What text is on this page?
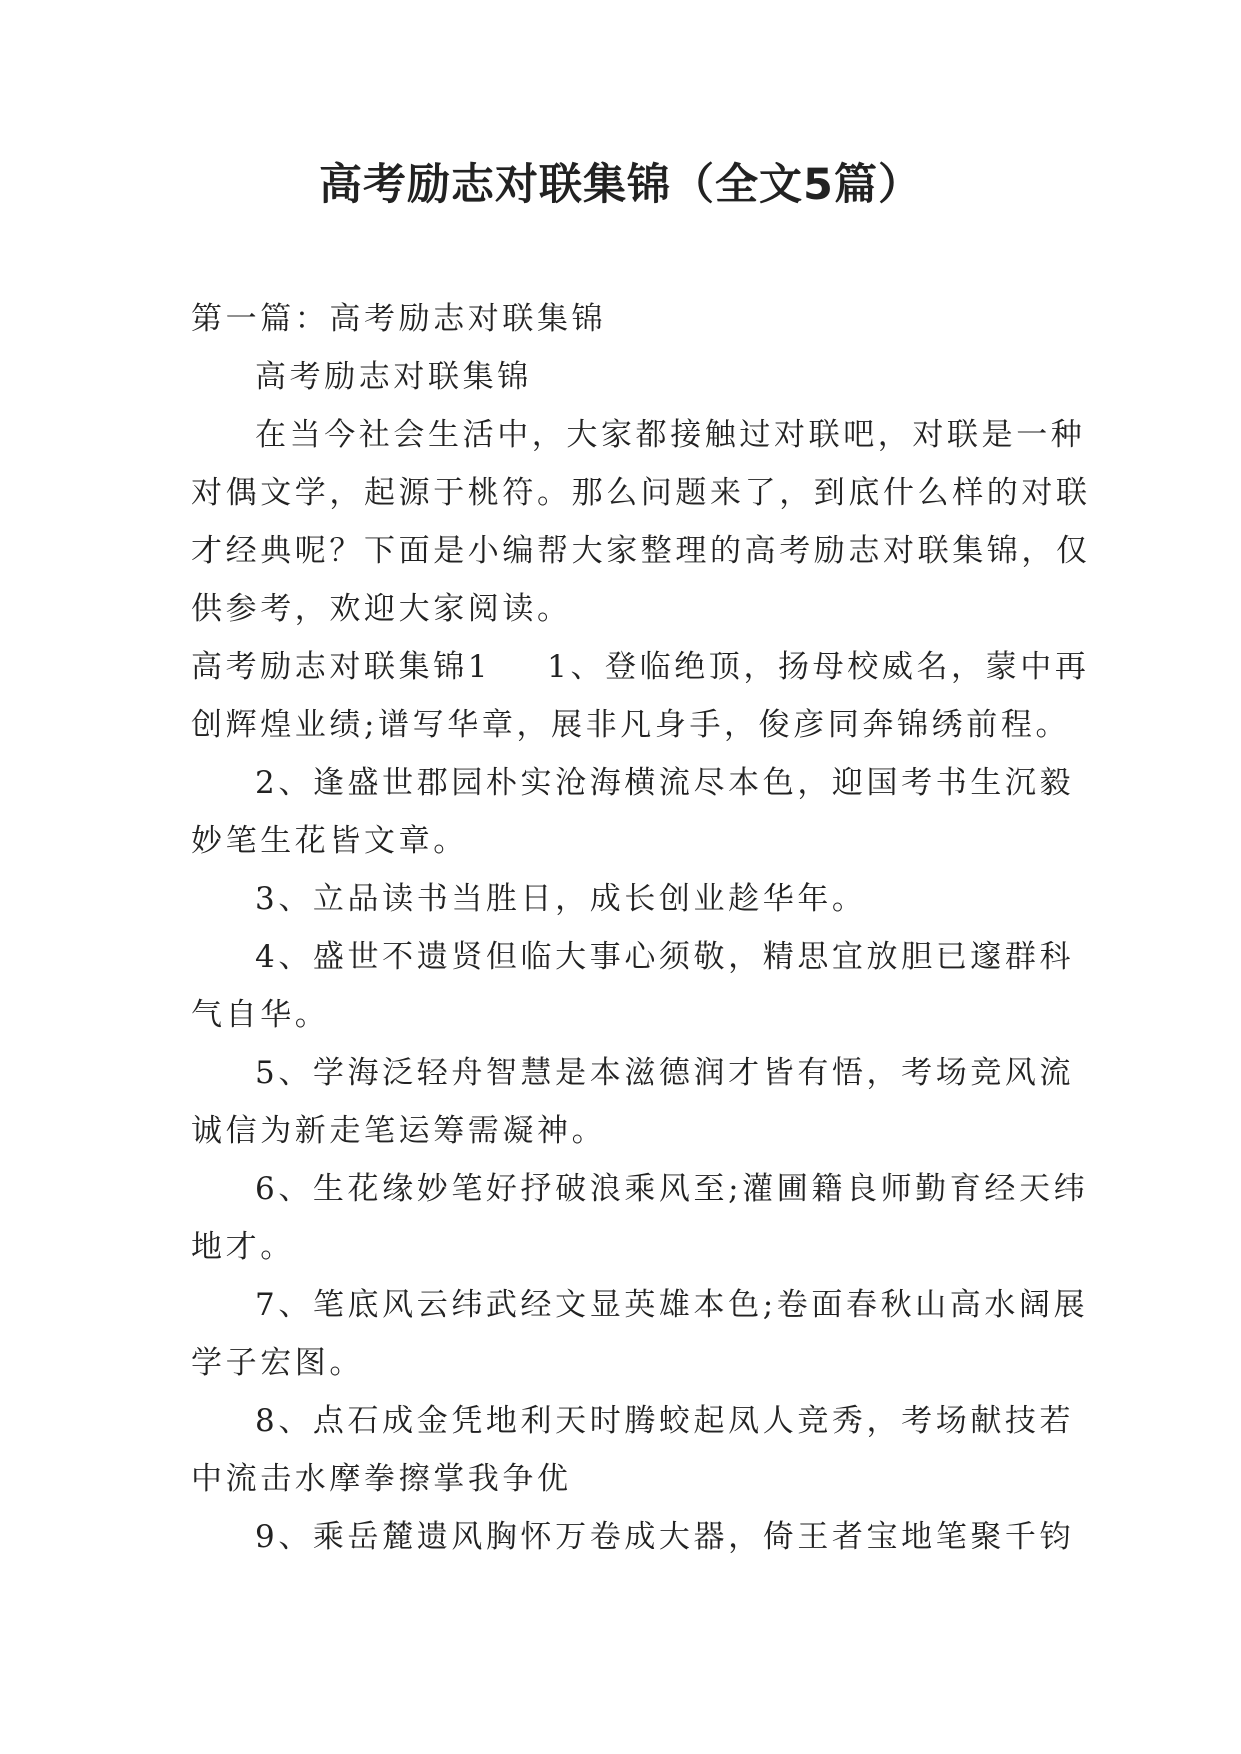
高考励志对联集锦（全文5篇）

第一篇：高考励志对联集锦

高考励志对联集锦

在当今社会生活中，大家都接触过对联吧，对联是一种

对偶文学，起源于桃符。那么问题来了，到底什么样的对联

才经典呢？下面是小编帮大家整理的高考励志对联集锦，仅

供参考，欢迎大家阅读。

高考励志对联集锦1 1、登临绝顶，扬母校威名，蒙中再

创辉煌业绩;谱写华章，展非凡身手，俊彦同奔锦绣前程。

2、逢盛世郡园朴实沧海横流尽本色，迎国考书生沉毅

妙笔生花皆文章。

3、立品读书当胜日，成长创业趁华年。

4、盛世不遗贤但临大事心须敬，精思宜放胆已邃群科

气自华。

5、学海泛轻舟智慧是本滋德润才皆有悟，考场竞风流

诚信为新走笔运筹需凝神。

6、生花缘妙笔好抒破浪乘风至;灌圃籍良师勤育经天纬

地才。

7、笔底风云纬武经文显英雄本色;卷面春秋山高水阔展

学子宏图。

8、点石成金凭地利天时腾蛟起凤人竞秀，考场献技若

中流击水摩拳擦掌我争优

9、乘岳麓遗风胸怀万卷成大器，倚王者宝地笔聚千钧
